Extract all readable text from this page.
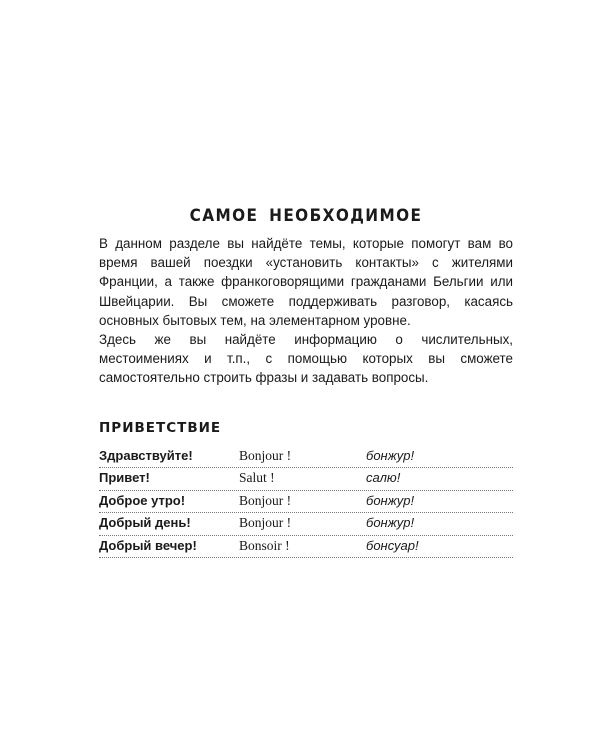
САМОЕ НЕОБХОДИМОЕ

В данном разделе вы найдёте темы, которые помогут вам во время вашей поездки «установить контакты» с жителями Франции, а также франкоговорящими гражданами Бельгии или Швейцарии. Вы сможете поддерживать разговор, касаясь основных бытовых тем, на элементарном уровне.

Здесь же вы найдёте информацию о числительных, местоимениях и т.п., с помощью которых вы сможете самостоятельно строить фразы и задавать вопросы.

ПРИВЕТСТВИЕ
Здравствуйте!	Bonjour !	бонжур!
Привет!	Salut !	салю!
Доброе утро!	Bonjour !	бонжур!
Добрый день!	Bonjour !	бонжур!
Добрый вечер!	Bonsoir !	бонсуар!
